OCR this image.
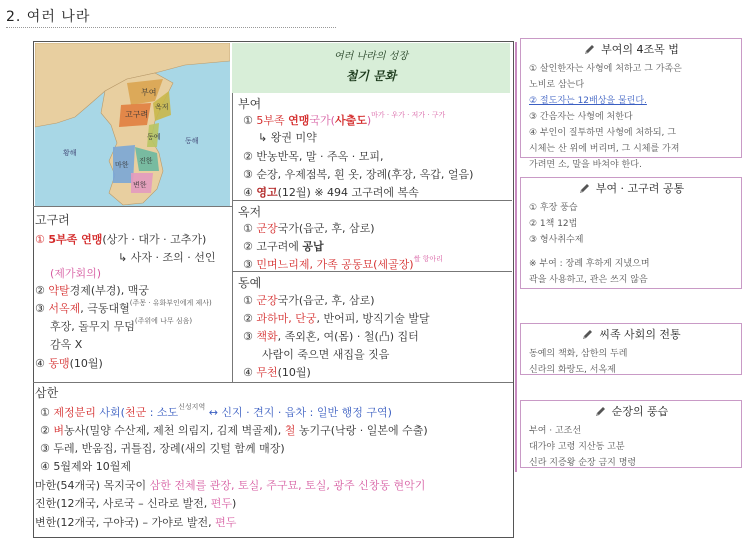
2. 여러 나라
부여
고구려
옥저
동예
마한 진한
변한
황해
동해
여러 나라의 성장
철기 문화
부여
① 5부족 연맹국가(사출도)$^{마가 \cdot 우가 \cdot 저가 \cdot 구가}$
↳ 왕권 미약
② 반농반목, 말 · 주옥 · 모피,
③ 순장, 우제점복, 흰 옷, 장례(후장, 옥갑, 얼음)
④ 영고(12월) ※ 494 고구려에 복속
옥저
① 군장국가(읍군, 후, 삼로)
② 고구려에 공납
③ 민며느리제, 가족 공동묘(세골장)$^{쌀 항아리}$
동예
① 군장국가(읍군, 후, 삼로)
② 과하마, 단궁, 반어피, 방직기술 발달
③ 책화, 족외혼, 여(몸) · 철(凸) 집터
사람이 죽으면 새집을 짓음
④ 무천(10월)
고구려
① 5부족 연맹(상가 · 대가 · 고추가)
↳ 사자 · 조의 · 선인
(제가회의)
② 약탈경제(부경), 맥궁
③ 서옥제, 극동대혈$^{(주몽 \cdot 유화부인에게 제사)}$
후장, 돌무지 무덤$^{(주위에 나무 심음)}$
감옥 X
④ 동맹(10월)
삼한
① 제정분리 사회(천군 : 소도$^{신성지역}$ ↔ 신지 · 견지 · 읍차 : 일반 행정 구역)
② 벼농사(밀양 수산제, 제천 의림지, 김제 벽골제), 철 농기구(낙랑 · 일본에 수출)
③ 두레, 반움집, 귀틀집, 장례(새의 깃털 함께 매장)
④ 5월제와 10월제
마한(54개국) 목지국이 삼한 전체를 관장, 토실, 주구묘, 토실, 광주 신창동 현악기
진한(12개국, 사로국 – 신라로 발전, 편두)
변한(12개국, 구야국) – 가야로 발전, 편두
부여의 4조목 법
① 살인한자는 사형에 처하고 그 가족은
노비로 삼는다
② 절도자는 12배상을 물린다.
③ 간음자는 사형에 처한다
④ 부인이 질투하면 사형에 처하되, 그
시체는 산 위에 버리며, 그 시체를 가져
가려면 소, 말을 바쳐야 한다.
부여 · 고구려 공통
① 후장 풍습
② 1책 12법
③ 형사취수제
※ 부여 : 장례 후하게 지냈으며
곽을 사용하고, 관은 쓰지 않음
씨족 사회의 전통
동예의 책화, 삼한의 두레
신라의 화랑도, 서옥제
순장의 풍습
부여 · 고조선
대가야 고령 지산동 고분
신라 지증왕 순장 금지 명령
